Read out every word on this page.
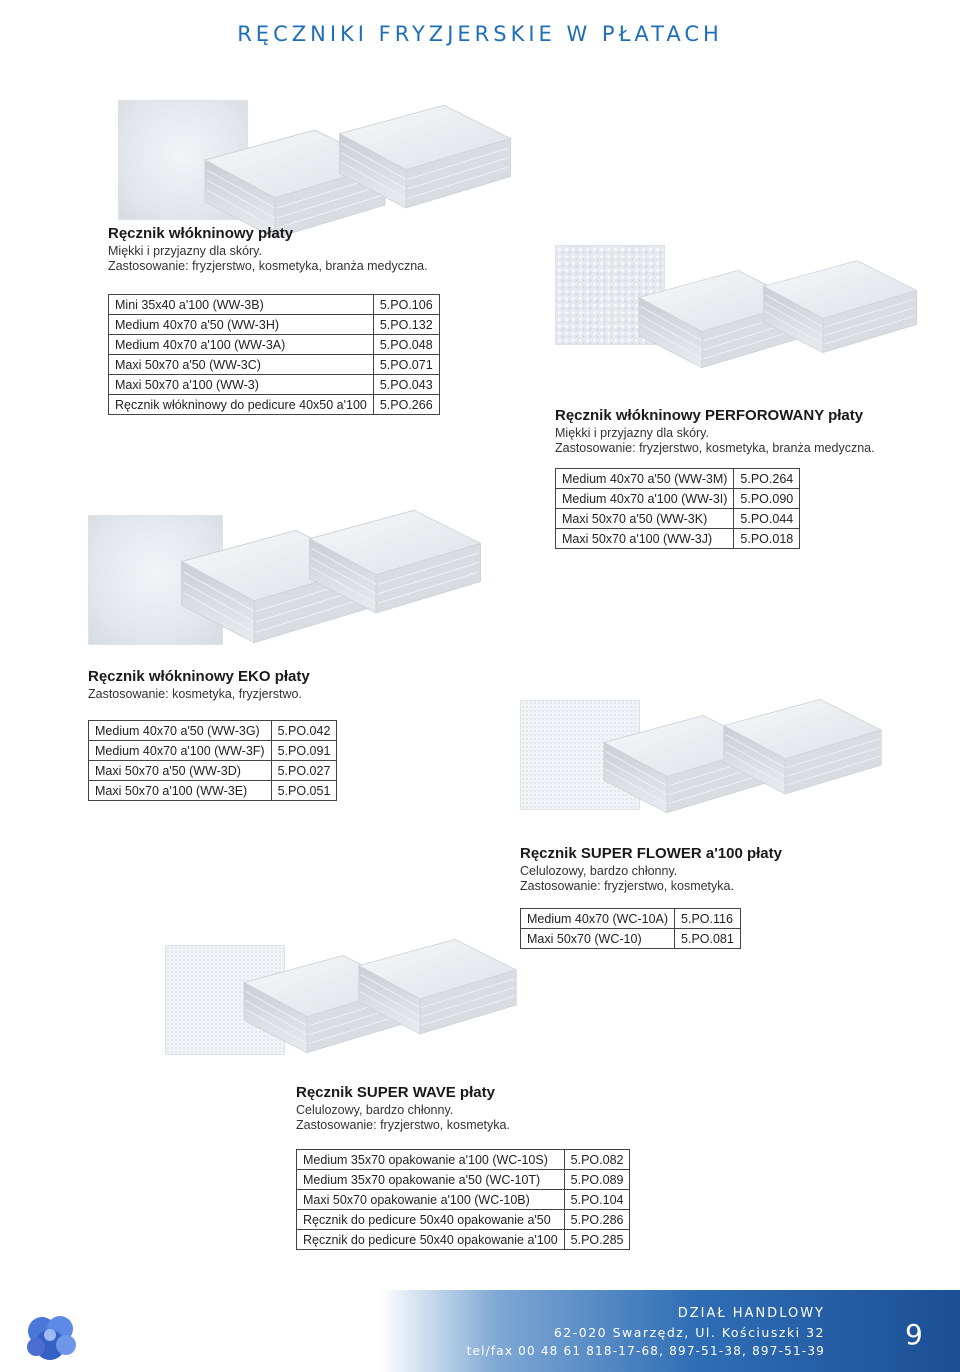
RĘCZNIKI FRYZJERSKIE W PŁATACH
Ręcznik włókninowy płaty
Miękki i przyjazny dla skóry.
Zastosowanie: fryzjerstwo, kosmetyka, branża medyczna.
Mini 35x40 a'100 (WW-3B)	5.PO.106
Medium 40x70 a'50 (WW-3H)	5.PO.132
Medium 40x70 a'100 (WW-3A)	5.PO.048
Maxi 50x70 a'50 (WW-3C)	5.PO.071
Maxi 50x70 a'100 (WW-3)	5.PO.043
Ręcznik włókninowy do pedicure 40x50 a'100	5.PO.266
Ręcznik włókninowy PERFOROWANY płaty
Miękki i przyjazny dla skóry.
Zastosowanie: fryzjerstwo, kosmetyka, branża medyczna.
Medium 40x70 a'50 (WW-3M)	5.PO.264
Medium 40x70 a'100 (WW-3I)	5.PO.090
Maxi 50x70 a'50 (WW-3K)	5.PO.044
Maxi 50x70 a'100 (WW-3J)	5.PO.018
Ręcznik włókninowy EKO płaty
Zastosowanie: kosmetyka, fryzjerstwo.
Medium 40x70 a'50 (WW-3G)	5.PO.042
Medium 40x70 a'100 (WW-3F)	5.PO.091
Maxi 50x70 a'50 (WW-3D)	5.PO.027
Maxi 50x70 a'100 (WW-3E)	5.PO.051
Ręcznik SUPER FLOWER a'100 płaty
Celulozowy, bardzo chłonny.
Zastosowanie: fryzjerstwo, kosmetyka.
Medium 40x70 (WC-10A)	5.PO.116
Maxi 50x70 (WC-10)	5.PO.081
Ręcznik SUPER WAVE płaty
Celulozowy, bardzo chłonny.
Zastosowanie: fryzjerstwo, kosmetyka.
Medium 35x70 opakowanie a'100 (WC-10S)	5.PO.082
Medium 35x70 opakowanie a'50 (WC-10T)	5.PO.089
Maxi 50x70 opakowanie a'100 (WC-10B)	5.PO.104
Ręcznik do pedicure 50x40 opakowanie a'50	5.PO.286
Ręcznik do pedicure 50x40 opakowanie a'100	5.PO.285
DZIAŁ HANDLOWY
62-020 Swarzędz, Ul. Kościuszki 32
tel/fax 00 48 61 818-17-68, 897-51-38, 897-51-39	9
